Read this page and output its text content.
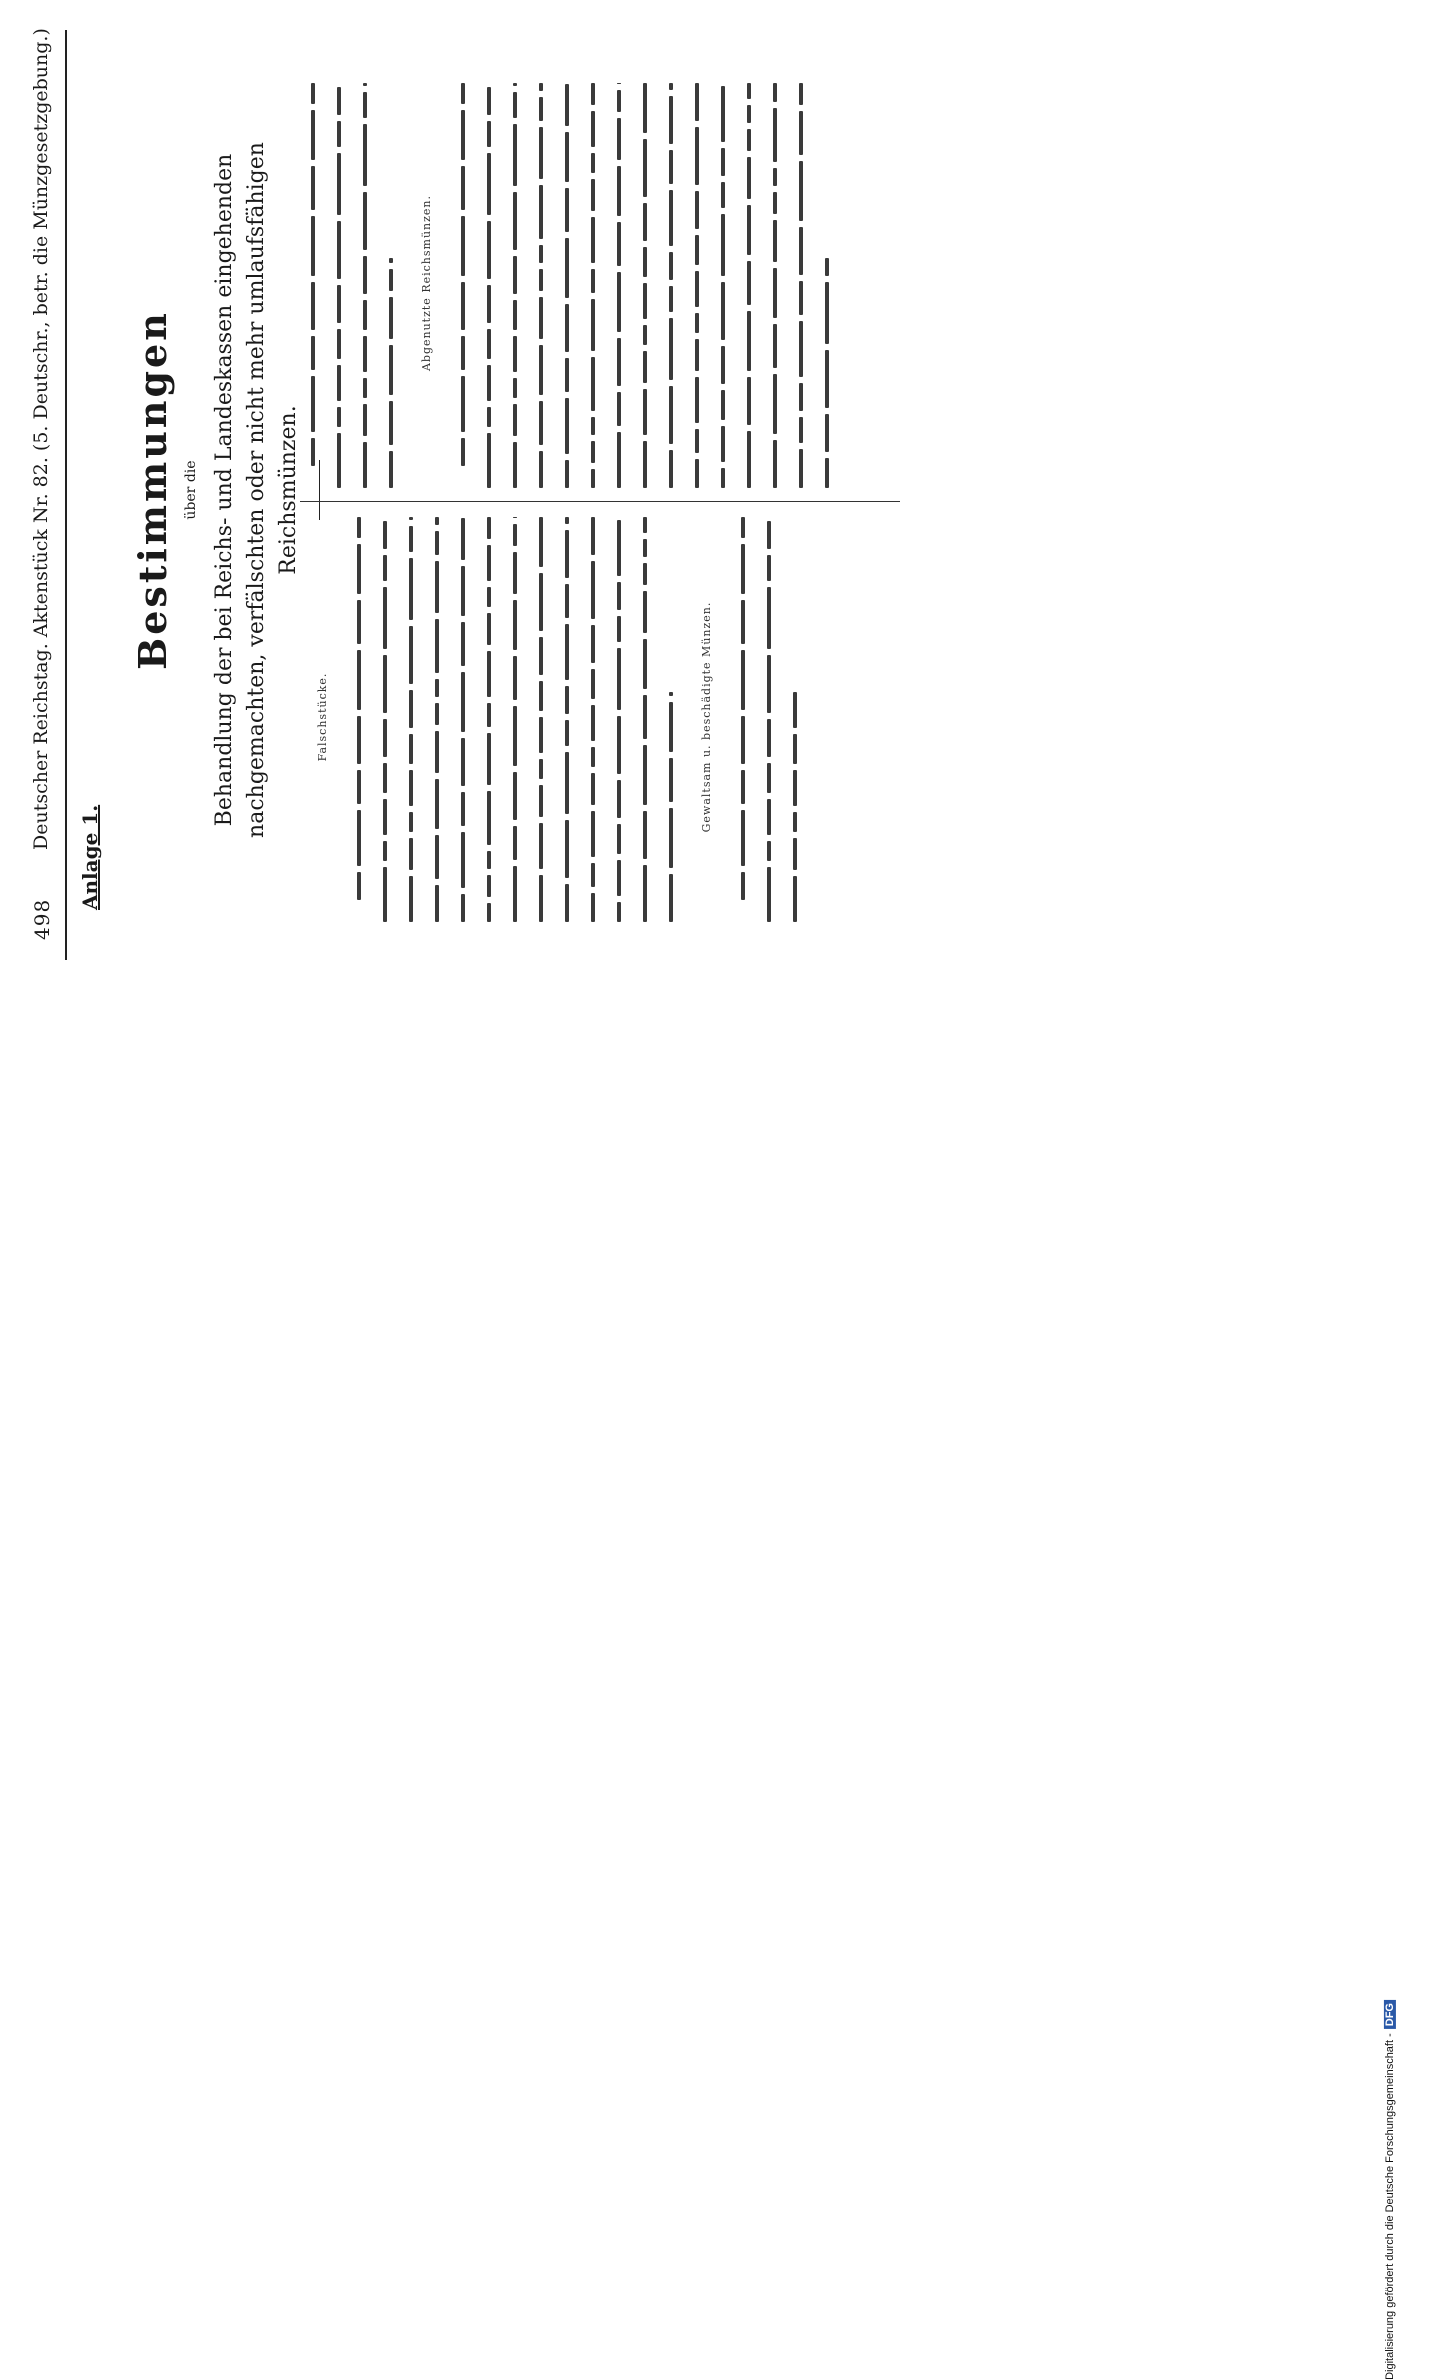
498
Deutscher Reichstag. Aktenstück Nr. 82. (5. Deutschr., betr. die Münzgesetzgebung.)
Anlage 1.
Bestimmungen über die Behandlung der bei Reichs- und Landeskassen eingehenden nachgemachten, verfälschten oder nicht mehr umlaufsfähigen Reichsmünzen.
Falschstücke.	Gewaltsam u. beschädigte Münzen.
Abgenutzte Reichsmünzen.
Digitalisierung gefördert durch die Deutsche Forschungsgemeinschaft -DFG
